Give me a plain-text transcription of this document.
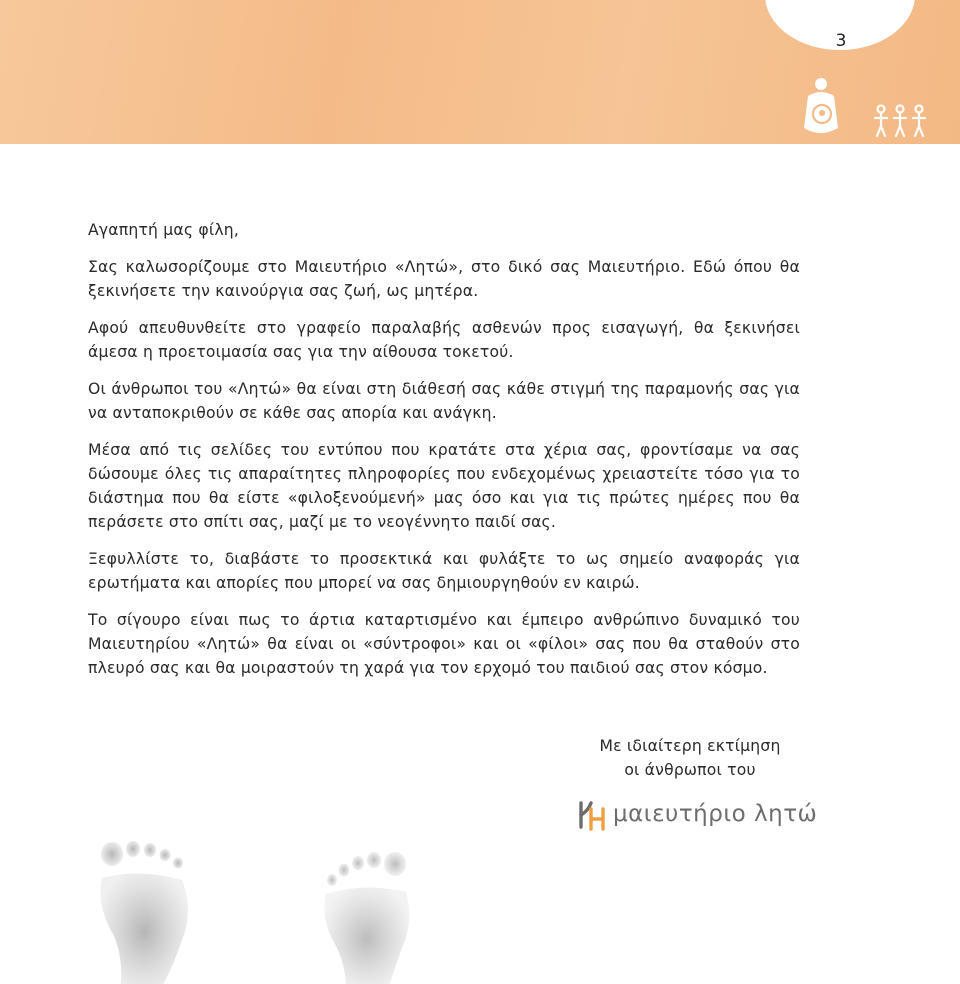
3

Αγαπητή μας φίλη,

Σας καλωσορίζουμε στο Μαιευτήριο «Λητώ», στο δικό σας Μαιευτήριο. Εδώ όπου θα ξεκινήσετε την καινούργια σας ζωή, ως μητέρα.

Αφού απευθυνθείτε στο γραφείο παραλαβής ασθενών προς εισαγωγή, θα ξεκινήσει άμεσα η προετοιμασία σας για την αίθουσα τοκετού.

Οι άνθρωποι του «Λητώ» θα είναι στη διάθεσή σας κάθε στιγμή της παραμονής σας για να ανταποκριθούν σε κάθε σας απορία και ανάγκη.

Μέσα από τις σελίδες του εντύπου που κρατάτε στα χέρια σας, φροντίσαμε να σας δώσουμε όλες τις απαραίτητες πληροφορίες που ενδεχομένως χρειαστείτε τόσο για το διάστημα που θα είστε «φιλοξενούμενή» μας όσο και για τις πρώτες ημέρες που θα περάσετε στο σπίτι σας, μαζί με το νεογέννητο παιδί σας.

Ξεφυλλίστε το, διαβάστε το προσεκτικά και φυλάξτε το ως σημείο αναφοράς για ερωτήματα και απορίες που μπορεί να σας δημιουργηθούν εν καιρώ.

Το σίγουρο είναι πως το άρτια καταρτισμένο και έμπειρο ανθρώπινο δυναμικό του Μαιευτηρίου «Λητώ» θα είναι οι «σύντροφοι» και οι «φίλοι» σας που θα σταθούν στο πλευρό σας και θα μοιραστούν τη χαρά για τον ερχομό του παιδιού σας στον κόσμο.

Με ιδιαίτερη εκτίμηση
οι άνθρωποι του
μαιευτήριο λητώ
